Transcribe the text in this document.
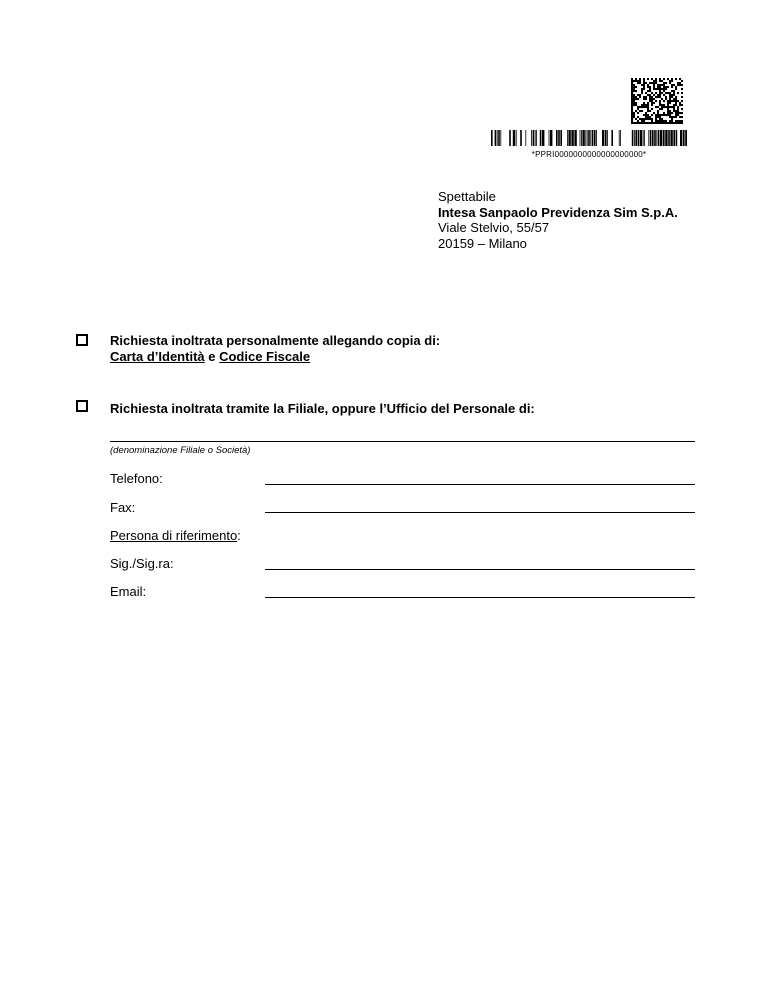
*PPRI0000000000000000000*
Spettabile
Intesa Sanpaolo Previdenza Sim S.p.A.
Viale Stelvio, 55/57
20159 – Milano
Richiesta inoltrata personalmente allegando copia di:
Carta d’Identità e Codice Fiscale
Richiesta inoltrata tramite la Filiale, oppure l’Ufficio del Personale di:
(denominazione Filiale o Società)
Telefono:
Fax:
Persona di riferimento:
Sig./Sig.ra:
Email:
